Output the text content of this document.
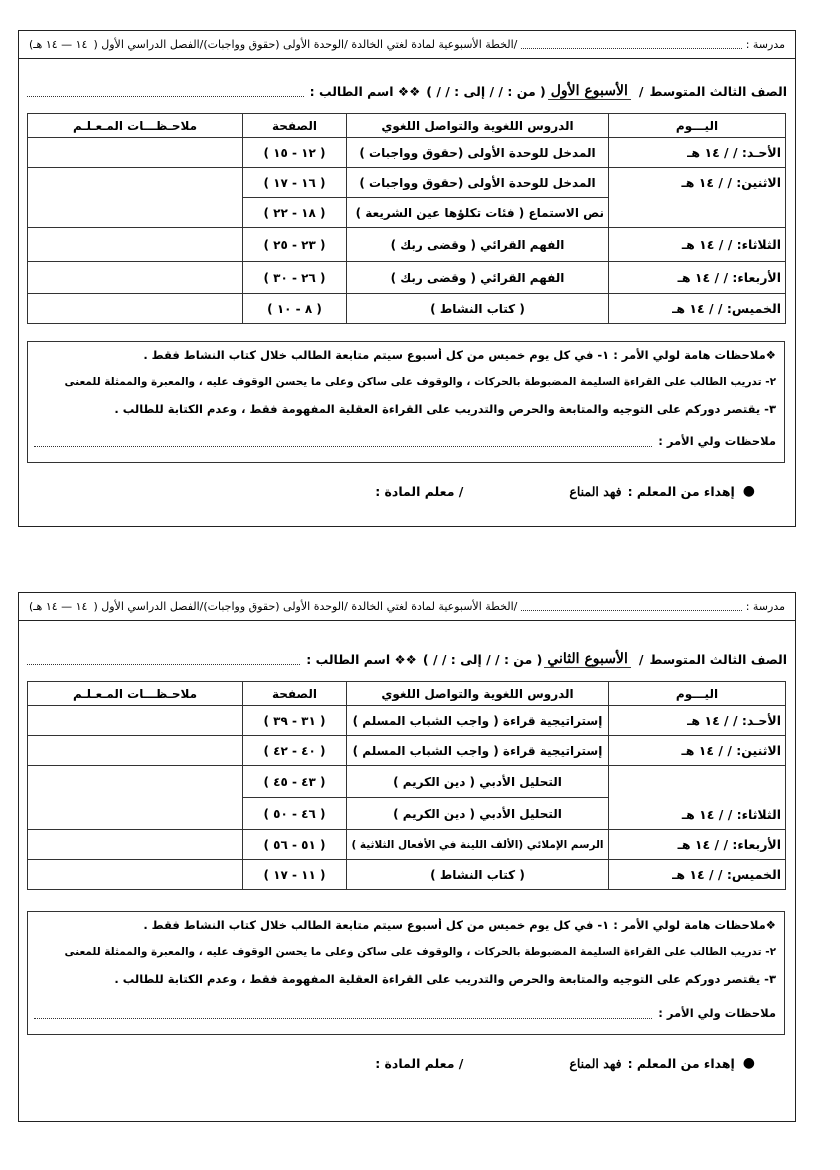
مدرسة :
/الخطة الأسبوعية لمادة لغتي الخالدة /الوحدة الأولى (حقوق وواجبات)/الفصل الدراسي الأول (
١٤ — ١٤ هـ)
الصف الثالث المتوسط
/
الأسبوع الأول
( من : / / إلى : / / )
❖❖ اسم الطالب :
اليـــوم	الدروس اللغوية والتواصل اللغوي	الصفحة	ملاحـظـــات المـعـلـم
الأحـد: / / ١٤ هـ	المدخل للوحدة الأولى (حقوق وواجبات )	( ١٢ - ١٥ )	
الاثنين: / / ١٤ هـ	المدخل للوحدة الأولى (حقوق وواجبات )	( ١٦ - ١٧ )	
	نص الاستماع ( فئات تكلؤها عين الشريعة )	( ١٨ - ٢٢ )	
الثلاثاء: / / ١٤ هـ	الفهم القرائي ( وقضى ربك )	( ٢٣ - ٢٥ )	
الأربعاء: / / ١٤ هـ	الفهم القرائي ( وقضى ربك )	( ٢٦ - ٣٠ )	
الخميس: / / ١٤ هـ	( كتاب النشاط )	( ٨ - ١٠ )	
❖ملاحظات هامة لولي الأمر : ١- في كل يوم خميس من كل أسبوع سيتم متابعة الطالب خلال كتاب النشاط فقط .
٢- تدريب الطالب على القراءة السليمة المضبوطة بالحركات ، والوقوف على ساكن وعلى ما يحسن الوقوف عليه ، والمعبرة والممثلة للمعنى
٣- يقتصر دوركم على التوجيه والمتابعة والحرص والتدريب على القراءة العقلية المفهومة فقط ، وعدم الكتابة للطالب .
ملاحظات ولي الأمر :
●
إهداء من المعلم :
فهد المناع
/ معلم المادة :
مدرسة :
/الخطة الأسبوعية لمادة لغتي الخالدة /الوحدة الأولى (حقوق وواجبات)/الفصل الدراسي الأول (
١٤ — ١٤ هـ)
الصف الثالث المتوسط
/
الأسبوع الثاني
( من : / / إلى : / / )
❖❖ اسم الطالب :
اليـــوم	الدروس اللغوية والتواصل اللغوي	الصفحة	ملاحـظـــات المـعـلـم
الأحـد: / / ١٤ هـ	إستراتيجية قراءة ( واجب الشباب المسلم )	( ٣١ - ٣٩ )	
الاثنين: / / ١٤ هـ	إستراتيجية قراءة ( واجب الشباب المسلم )	( ٤٠ - ٤٢ )	
الثلاثاء: / / ١٤ هـ	التحليل الأدبي ( دين الكريم )	( ٤٣ - ٤٥ )	
	التحليل الأدبي ( دين الكريم )	( ٤٦ - ٥٠ )	
الأربعاء: / / ١٤ هـ	الرسم الإملائي (الألف اللينة في الأفعال الثلاثية )	( ٥١ - ٥٦ )	
الخميس: / / ١٤ هـ	( كتاب النشاط )	( ١١ - ١٧ )	
❖ملاحظات هامة لولي الأمر : ١- في كل يوم خميس من كل أسبوع سيتم متابعة الطالب خلال كتاب النشاط فقط .
٢- تدريب الطالب على القراءة السليمة المضبوطة بالحركات ، والوقوف على ساكن وعلى ما يحسن الوقوف عليه ، والمعبرة والممثلة للمعنى
٣- يقتصر دوركم على التوجيه والمتابعة والحرص والتدريب على القراءة العقلية المفهومة فقط ، وعدم الكتابة للطالب .
ملاحظات ولي الأمر :
●
إهداء من المعلم :
فهد المناع
/ معلم المادة :
